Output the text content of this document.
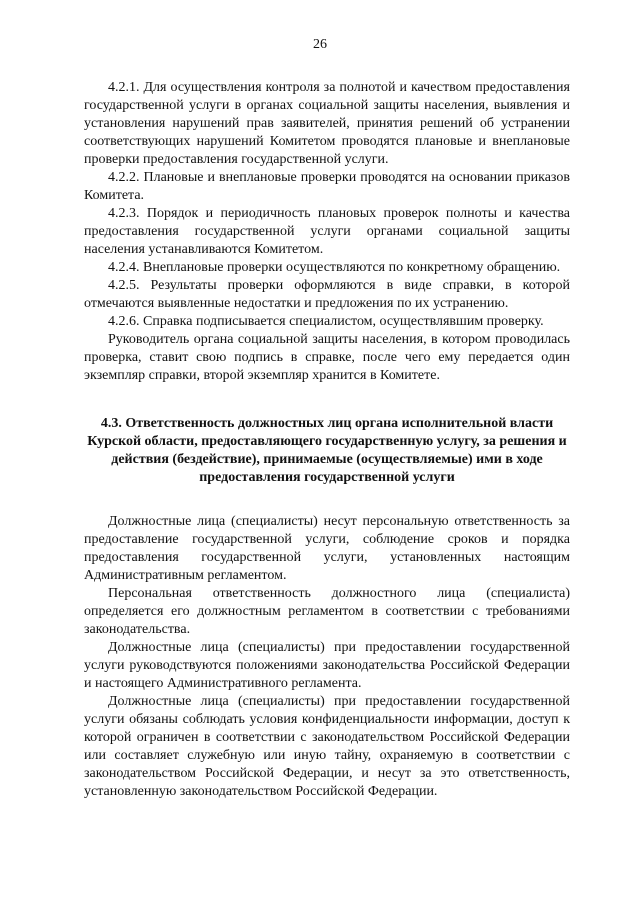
26

4.2.1. Для осуществления контроля за полнотой и качеством предоставления государственной услуги в органах социальной защиты населения, выявления и установления нарушений прав заявителей, принятия решений об устранении соответствующих нарушений Комитетом проводятся плановые и внеплановые проверки предоставления государственной услуги.

4.2.2. Плановые и внеплановые проверки проводятся на основании приказов Комитета.

4.2.3. Порядок и периодичность плановых проверок полноты и качества предоставления государственной услуги органами социальной защиты населения устанавливаются Комитетом.

4.2.4. Внеплановые проверки осуществляются по конкретному обращению.

4.2.5. Результаты проверки оформляются в виде справки, в которой отмечаются выявленные недостатки и предложения по их устранению.

4.2.6. Справка подписывается специалистом, осуществлявшим проверку.

Руководитель органа социальной защиты населения, в котором проводилась проверка, ставит свою подпись в справке, после чего ему передается один экземпляр справки, второй экземпляр хранится в Комитете.

4.3. Ответственность должностных лиц органа исполнительной власти Курской области, предоставляющего государственную услугу, за решения и действия (бездействие), принимаемые (осуществляемые) ими в ходе предоставления государственной услуги

Должностные лица (специалисты) несут персональную ответственность за предоставление государственной услуги, соблюдение сроков и порядка предоставления государственной услуги, установленных настоящим Административным регламентом.

Персональная ответственность должностного лица (специалиста) определяется его должностным регламентом в соответствии с требованиями законодательства.

Должностные лица (специалисты) при предоставлении государственной услуги руководствуются положениями законодательства Российской Федерации и настоящего Административного регламента.

Должностные лица (специалисты) при предоставлении государственной услуги обязаны соблюдать условия конфиденциальности информации, доступ к которой ограничен в соответствии с законодательством Российской Федерации или составляет служебную или иную тайну, охраняемую в соответствии с законодательством Российской Федерации, и несут за это ответственность, установленную законодательством Российской Федерации.
